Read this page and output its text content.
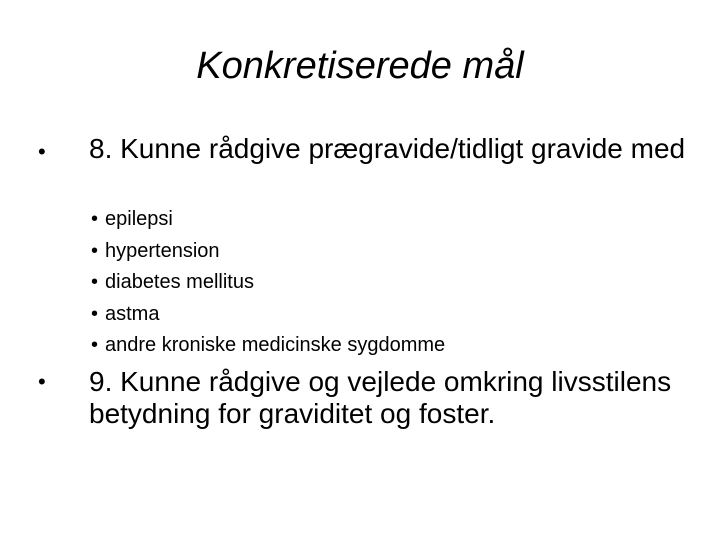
Konkretiserede mål
• 8. Kunne rådgive prægravide/tidligt gravide med
• epilepsi
• hypertension
• diabetes mellitus
• astma
• andre kroniske medicinske sygdomme
• 9. Kunne rådgive og vejlede omkring livsstilens betydning for graviditet og foster.
